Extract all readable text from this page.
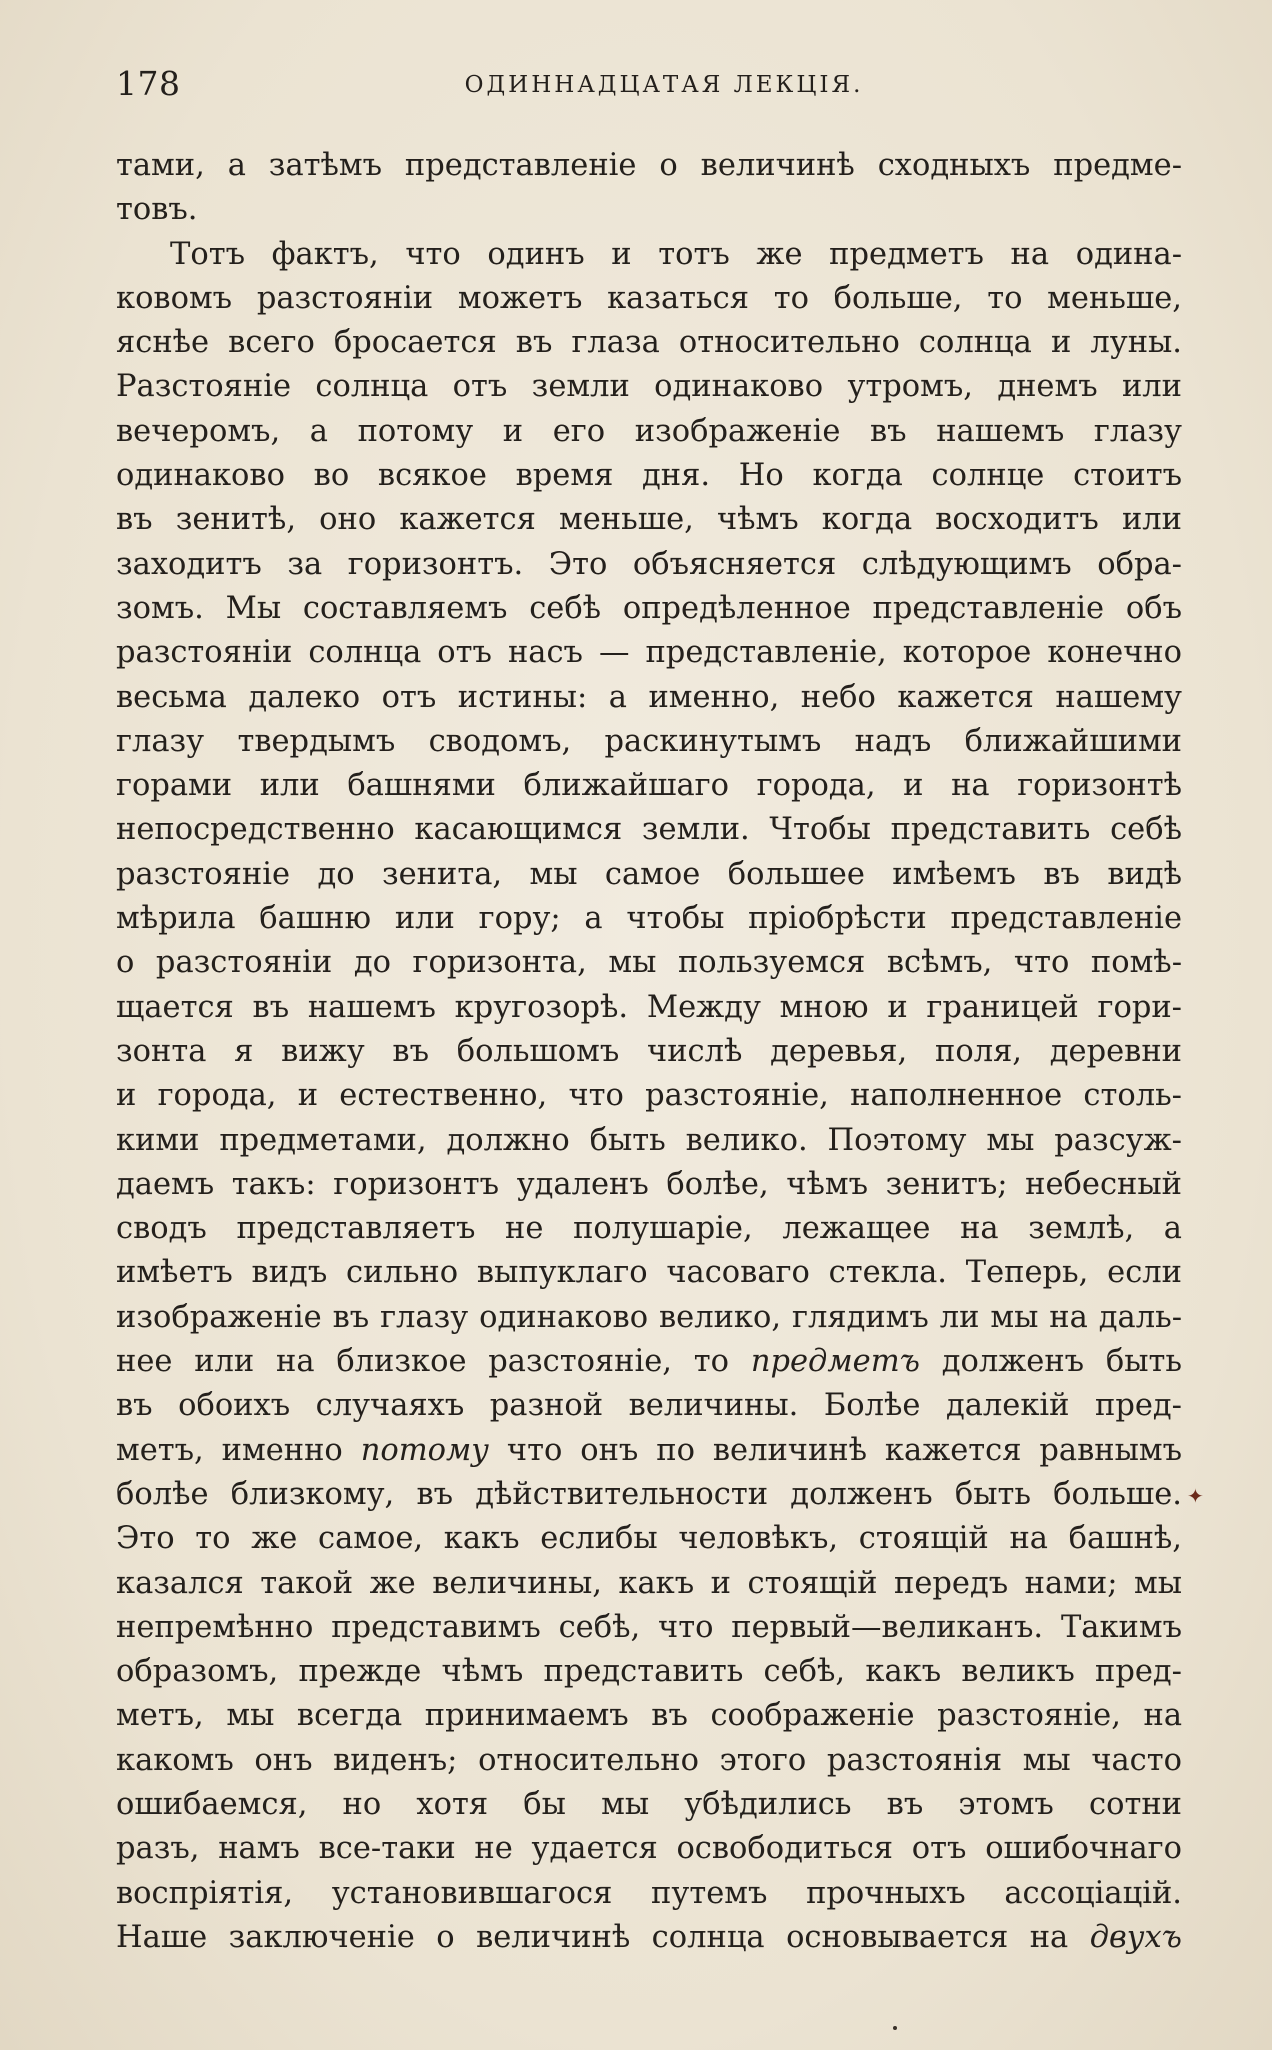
178	ОДИННАДЦАТАЯ ЛЕКЦІЯ.
тами, а затѣмъ представленіе о величинѣ сходныхъ предме-
товъ.
Тотъ фактъ, что одинъ и тотъ же предметъ на одина-
ковомъ разстояніи можетъ казаться то больше, то меньше,
яснѣе всего бросается въ глаза относительно солнца и луны.
Разстояніе солнца отъ земли одинаково утромъ, днемъ или
вечеромъ, а потому и его изображеніе въ нашемъ глазу
одинаково во всякое время дня. Но когда солнце стоитъ
въ зенитѣ, оно кажется меньше, чѣмъ когда восходитъ или
заходитъ за горизонтъ. Это объясняется слѣдующимъ обра-
зомъ. Мы составляемъ себѣ опредѣленное представленіе объ
разстояніи солнца отъ насъ — представленіе, которое конечно
весьма далеко отъ истины: а именно, небо кажется нашему
глазу твердымъ сводомъ, раскинутымъ надъ ближайшими
горами или башнями ближайшаго города, и на горизонтѣ
непосредственно касающимся земли. Чтобы представить себѣ
разстояніе до зенита, мы самое большее имѣемъ въ видѣ
мѣрила башню или гору; а чтобы пріобрѣсти представленіе
о разстояніи до горизонта, мы пользуемся всѣмъ, что помѣ-
щается въ нашемъ кругозорѣ. Между мною и границей гори-
зонта я вижу въ большомъ числѣ деревья, поля, деревни
и города, и естественно, что разстояніе, наполненное столь-
кими предметами, должно быть велико. Поэтому мы разсуж-
даемъ такъ: горизонтъ удаленъ болѣе, чѣмъ зенитъ; небесный
сводъ представляетъ не полушаріе, лежащее на землѣ, а
имѣетъ видъ сильно выпуклаго часоваго стекла. Теперь, если
изображеніе въ глазу одинаково велико, глядимъ ли мы на даль-
нее или на близкое разстояніе, то предметъ долженъ быть
въ обоихъ случаяхъ разной величины. Болѣе далекій пред-
метъ, именно потому что онъ по величинѣ кажется равнымъ
болѣе близкому, въ дѣйствительности долженъ быть больше.
Это то же самое, какъ еслибы человѣкъ, стоящій на башнѣ,
казался такой же величины, какъ и стоящій передъ нами; мы
непремѣнно представимъ себѣ, что первый—великанъ. Такимъ
образомъ, прежде чѣмъ представить себѣ, какъ великъ пред-
метъ, мы всегда принимаемъ въ соображеніе разстояніе, на
какомъ онъ виденъ; относительно этого разстоянія мы часто
ошибаемся, но хотя бы мы убѣдились въ этомъ сотни
разъ, намъ все-таки не удается освободиться отъ ошибочнаго
воспріятія, установившагося путемъ прочныхъ ассоціацій.
Наше заключеніе о величинѣ солнца основывается на двухъ
✦
